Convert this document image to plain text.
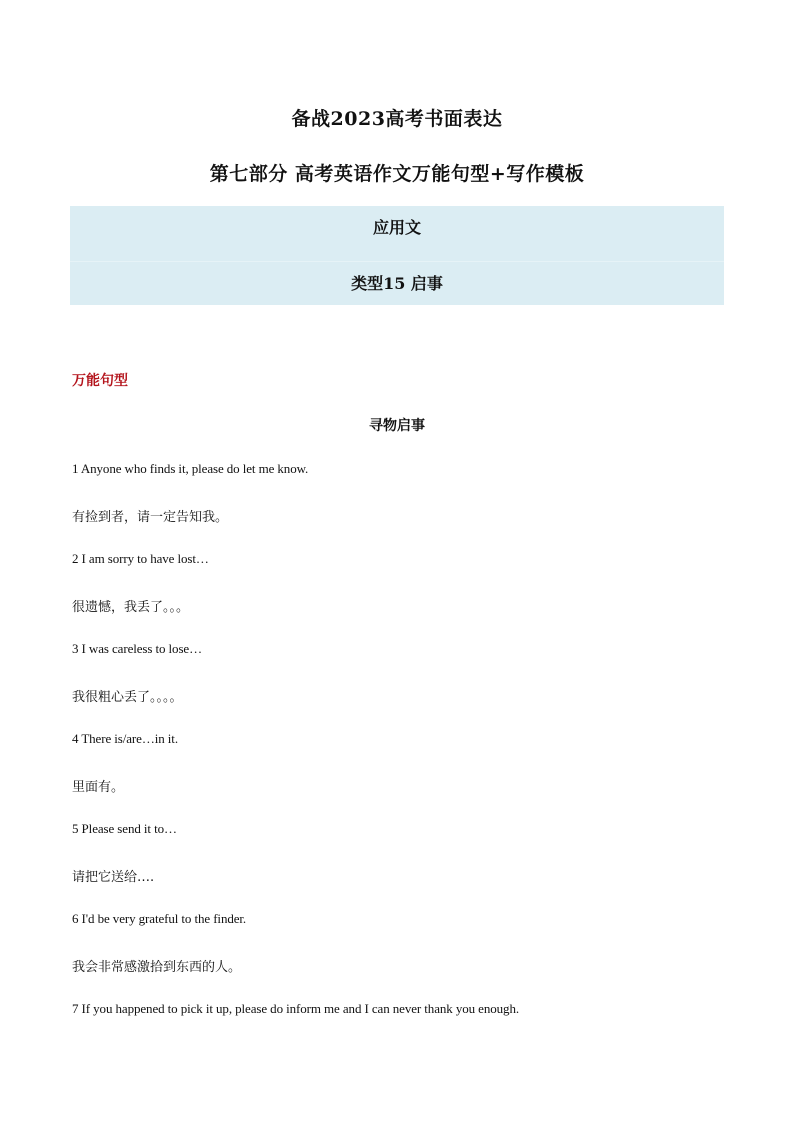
备战2023高考书面表达
第七部分 高考英语作文万能句型+写作模板
应用文
类型15 启事
万能句型
寻物启事
1 Anyone who finds it, please do let me know.
有捡到者，请一定告知我。
2 I am sorry to have lost…
很遗憾，我丢了。。。
3 I was careless to lose…
我很粗心丢了。。。。
4 There is/are…in it.
里面有。
5 Please send it to…
请把它送给….
6 I'd be very grateful to the finder.
我会非常感激拾到东西的人。
7 If you happened to pick it up, please do inform me and I can never thank you enough.
